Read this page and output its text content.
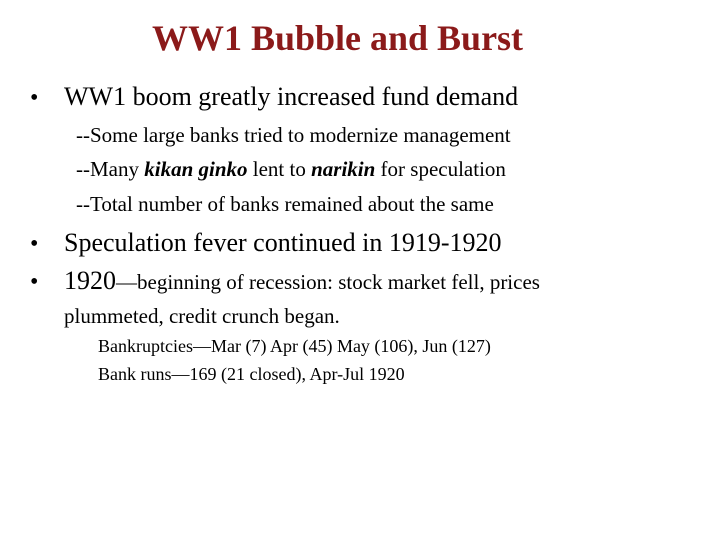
WW1 Bubble and Burst
• WW1 boom greatly increased fund demand
--Some large banks tried to modernize management
--Many kikan ginko lent to narikin for speculation
--Total number of banks remained about the same
• Speculation fever continued in 1919-1920
• 1920—beginning of recession: stock market fell, prices
plummeted, credit crunch began.
Bankruptcies—Mar (7) Apr (45) May (106), Jun (127)
Bank runs—169 (21 closed), Apr-Jul 1920
